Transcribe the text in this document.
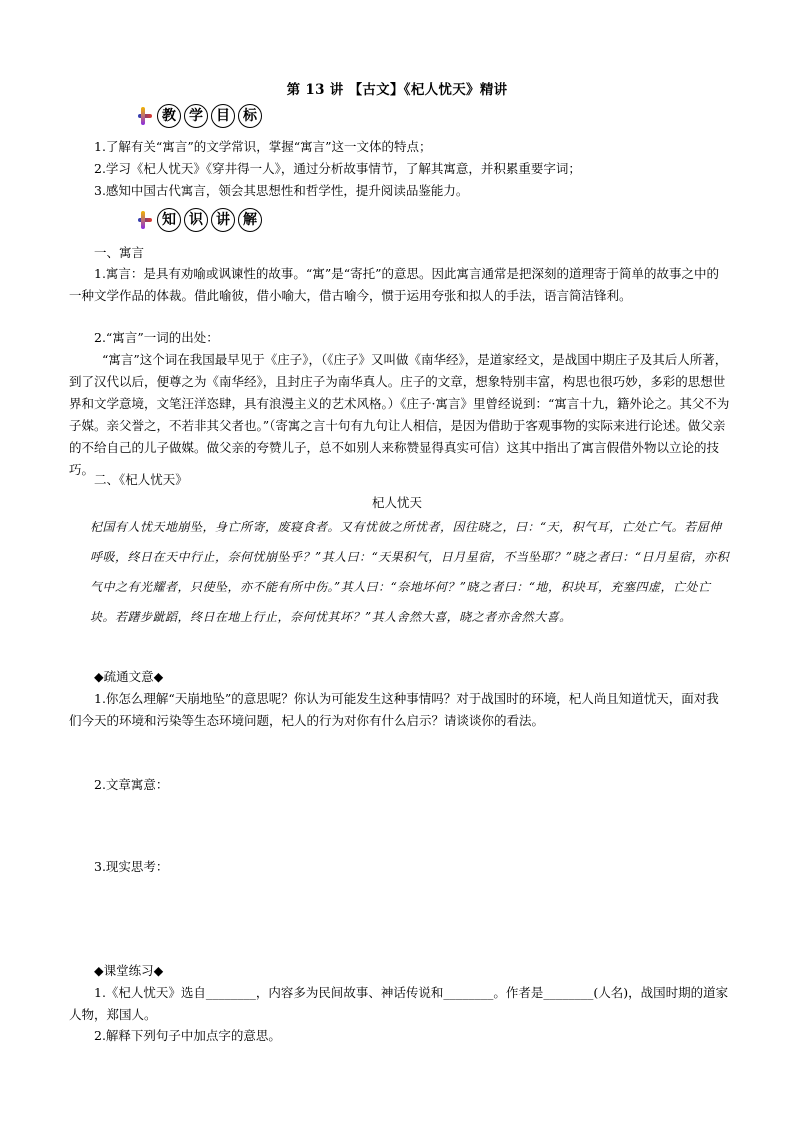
第 13 讲 【古文】《杞人忧天》精讲
教 学 目 标
1.了解有关“寓言”的文学常识，掌握“寓言”这一文体的特点；
2.学习《杞人忧天》《穿井得一人》，通过分析故事情节，了解其寓意，并积累重要字词；
3.感知中国古代寓言，领会其思想性和哲学性，提升阅读品鉴能力。
知 识 讲 解
一、寓言
1.寓言：是具有劝喻或讽谏性的故事。“寓”是“寄托”的意思。因此寓言通常是把深刻的道理寄于简单的故事之中的一种文学作品的体裁。借此喻彼，借小喻大，借古喻今，惯于运用夸张和拟人的手法，语言简洁锋利。
2.“寓言”一词的出处：
“寓言”这个词在我国最早见于《庄子》，（《庄子》又叫做《南华经》，是道家经文，是战国中期庄子及其后人所著，到了汉代以后，便尊之为《南华经》，且封庄子为南华真人。庄子的文章，想象特别丰富，构思也很巧妙，多彩的思想世界和文学意境，文笔汪洋恣肆，具有浪漫主义的艺术风格。）《庄子·寓言》里曾经说到：“寓言十九，籍外论之。其父不为子媒。亲父誉之，不若非其父者也。”（寄寓之言十句有九句让人相信，是因为借助于客观事物的实际来进行论述。做父亲的不给自己的儿子做媒。做父亲的夸赞儿子，总不如别人来称赞显得真实可信）这其中指出了寓言假借外物以立论的技巧。
二、《杞人忧天》
杞人忧天
杞国有人忧天地崩坠，身亡所寄，废寝食者。又有忧彼之所忧者，因往晓之，曰：“天，积气耳，亡处亡气。若屈伸呼吸，终日在天中行止，奈何忧崩坠乎？”其人曰：“天果积气，日月星宿，不当坠耶？”晓之者曰：“日月星宿，亦积气中之有光耀者，只使坠，亦不能有所中伤。”其人曰：“奈地坏何？”晓之者曰：“地，积块耳，充塞四虚，亡处亡块。若躇步跐蹈，终日在地上行止，奈何忧其坏？”其人舍然大喜，晓之者亦舍然大喜。
◆疏通文意◆
1.你怎么理解“天崩地坠”的意思呢？你认为可能发生这种事情吗？对于战国时的环境，杞人尚且知道忧天，面对我们今天的环境和污染等生态环境问题，杞人的行为对你有什么启示？请谈谈你的看法。
2.文章寓意：
3.现实思考：
◆课堂练习◆
1.《杞人忧天》选自________，内容多为民间故事、神话传说和________。作者是________(人名)，战国时期的道家人物，郑国人。
2.解释下列句子中加点字的意思。
